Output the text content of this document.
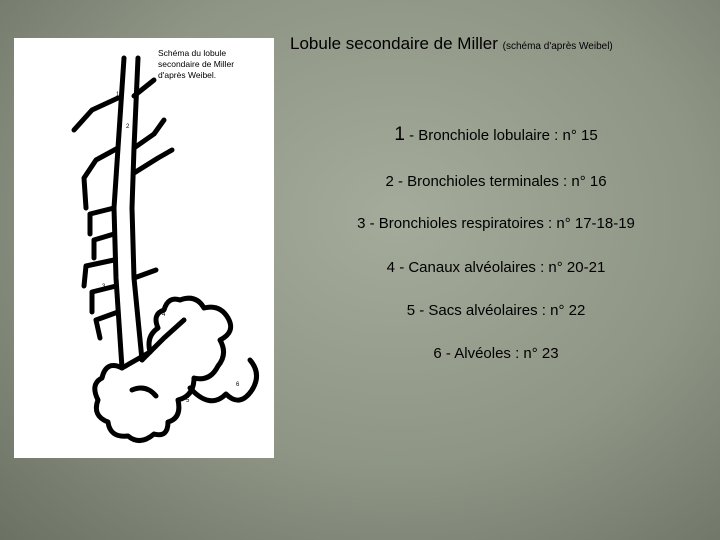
Lobule secondaire de Miller (schéma d'après Weibel)
1
2
3
3
4
5
6
Schéma du lobule
secondaire de Miller
d'après Weibel.
1 - Bronchiole lobulaire : n° 15
2 - Bronchioles terminales : n° 16
3 - Bronchioles respiratoires : n° 17-18-19
4 - Canaux alvéolaires : n° 20-21
5 - Sacs alvéolaires : n° 22
6 - Alvéoles : n° 23
